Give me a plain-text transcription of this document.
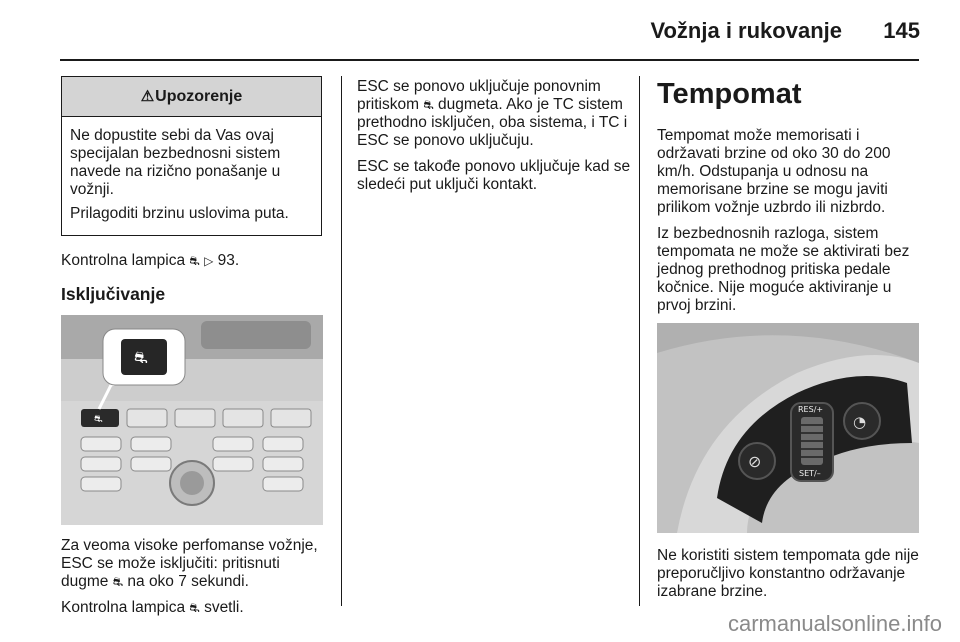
Vožnja i rukovanje 145
⚠ Upozorenje

Ne dopustite sebi da Vas ovaj specijalan bezbednosni sistem navede na rizično ponašanje u vožnji.

Prilagoditi brzinu uslovima puta.

Kontrolna lampica ⛐ ▷ 93.

Isključivanje

⛐
⛐

Za veoma visoke perfomanse vožnje, ESC se može isključiti: pritisnuti dugme ⛐ na oko 7 sekundi.

Kontrolna lampica ⛐ svetli.

ESC se ponovo uključuje ponovnim pritiskom ⛐ dugmeta. Ako je TC sistem prethodno isključen, oba sistema, i TC i ESC se ponovo uključuju.

ESC se takođe ponovo uključuje kad se sledeći put uključi kontakt.

Tempomat

Tempomat može memorisati i održavati brzine od oko 30 do 200 km/h. Odstupanja u odnosu na memorisane brzine se mogu javiti prilikom vožnje uzbrdo ili nizbrdo.

Iz bezbednosnih razloga, sistem tempomata ne može se aktivirati bez jednog prethodnog pritiska pedale kočnice. Nije moguće aktiviranje u prvoj brzini.

⊘
RES/+
SET/–
◔

Ne koristiti sistem tempomata gde nije preporučljivo konstantno održavanje izabrane brzine.

carmanualsonline.info
